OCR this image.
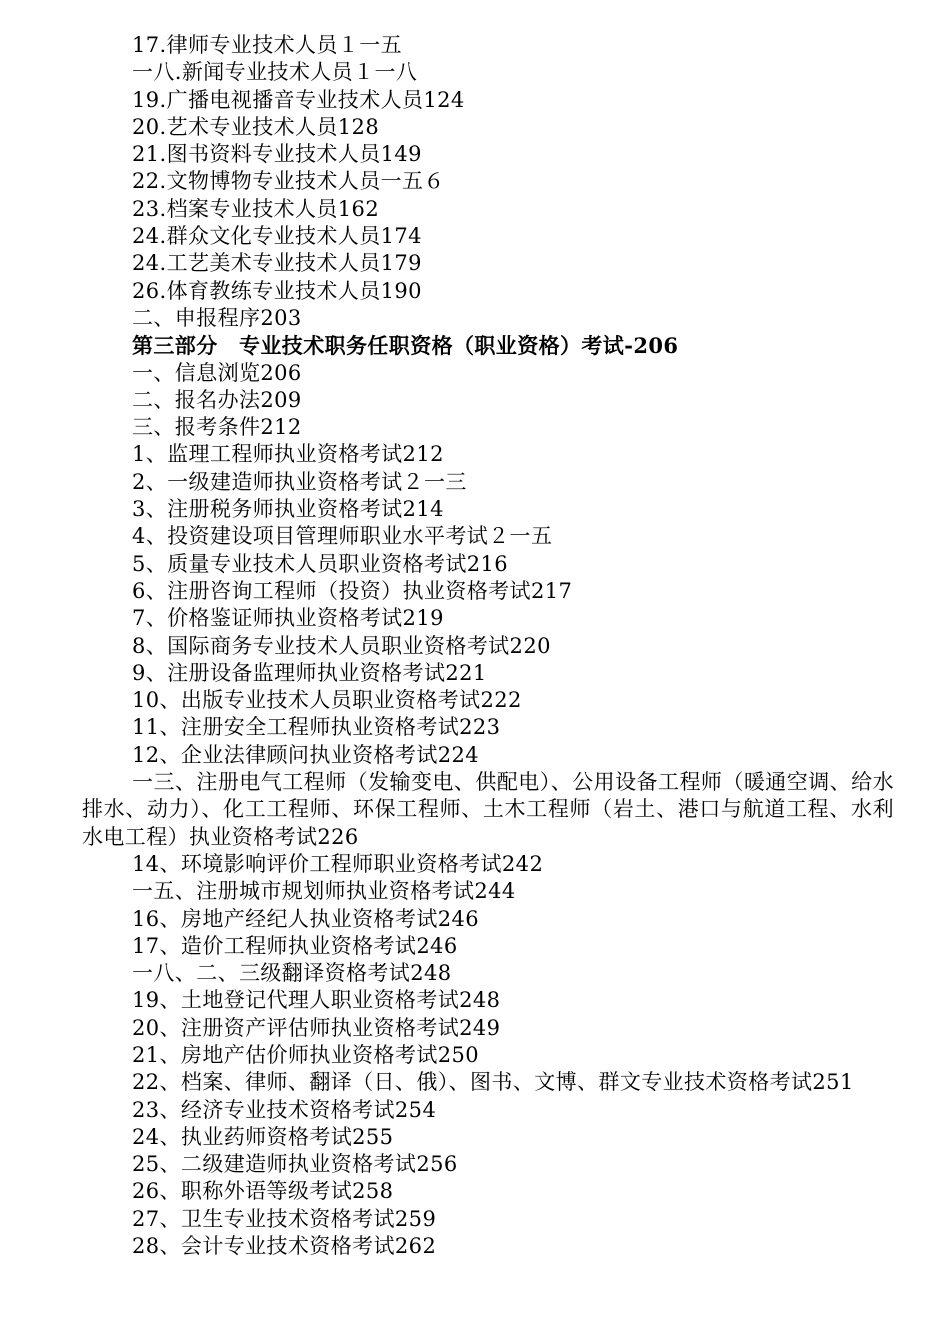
17.律师专业技术人员１一五

一八.新闻专业技术人员１一八

19.广播电视播音专业技术人员124

20.艺术专业技术人员128

21.图书资料专业技术人员149

22.文物博物专业技术人员一五６

23.档案专业技术人员162

24.群众文化专业技术人员174

24.工艺美术专业技术人员179

26.体育教练专业技术人员190

二、申报程序203

第三部分　专业技术职务任职资格（职业资格）考试-206

一、信息浏览206

二、报名办法209

三、报考条件212

1、监理工程师执业资格考试212

2、一级建造师执业资格考试２一三

3、注册税务师执业资格考试214

4、投资建设项目管理师职业水平考试２一五

5、质量专业技术人员职业资格考试216

6、注册咨询工程师（投资）执业资格考试217

7、价格鉴证师执业资格考试219

8、国际商务专业技术人员职业资格考试220

9、注册设备监理师执业资格考试221

10、出版专业技术人员职业资格考试222

11、注册安全工程师执业资格考试223

12、企业法律顾问执业资格考试224

一三、注册电气工程师（发输变电、供配电）、公用设备工程师（暖通空调、给水排水、动力）、化工工程师、环保工程师、土木工程师（岩土、港口与航道工程、水利水电工程）执业资格考试226

14、环境影响评价工程师职业资格考试242

一五、注册城市规划师执业资格考试244

16、房地产经纪人执业资格考试246

17、造价工程师执业资格考试246

一八、二、三级翻译资格考试248

19、土地登记代理人职业资格考试248

20、注册资产评估师执业资格考试249

21、房地产估价师执业资格考试250

22、档案、律师、翻译（日、俄）、图书、文博、群文专业技术资格考试251

23、经济专业技术资格考试254

24、执业药师资格考试255

25、二级建造师执业资格考试256

26、职称外语等级考试258

27、卫生专业技术资格考试259

28、会计专业技术资格考试262
